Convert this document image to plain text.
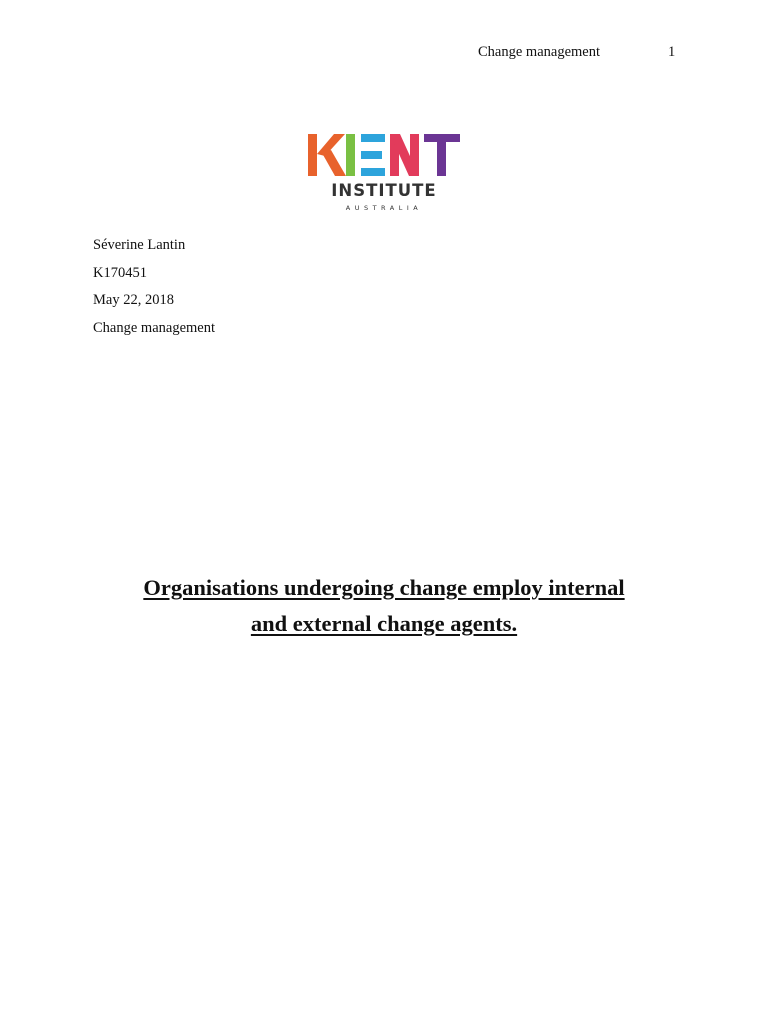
Change management	1
INSTITUTE
AUSTRALIA
Séverine Lantin
K170451
May 22, 2018
Change management
Organisations undergoing change employ internal
and external change agents.
